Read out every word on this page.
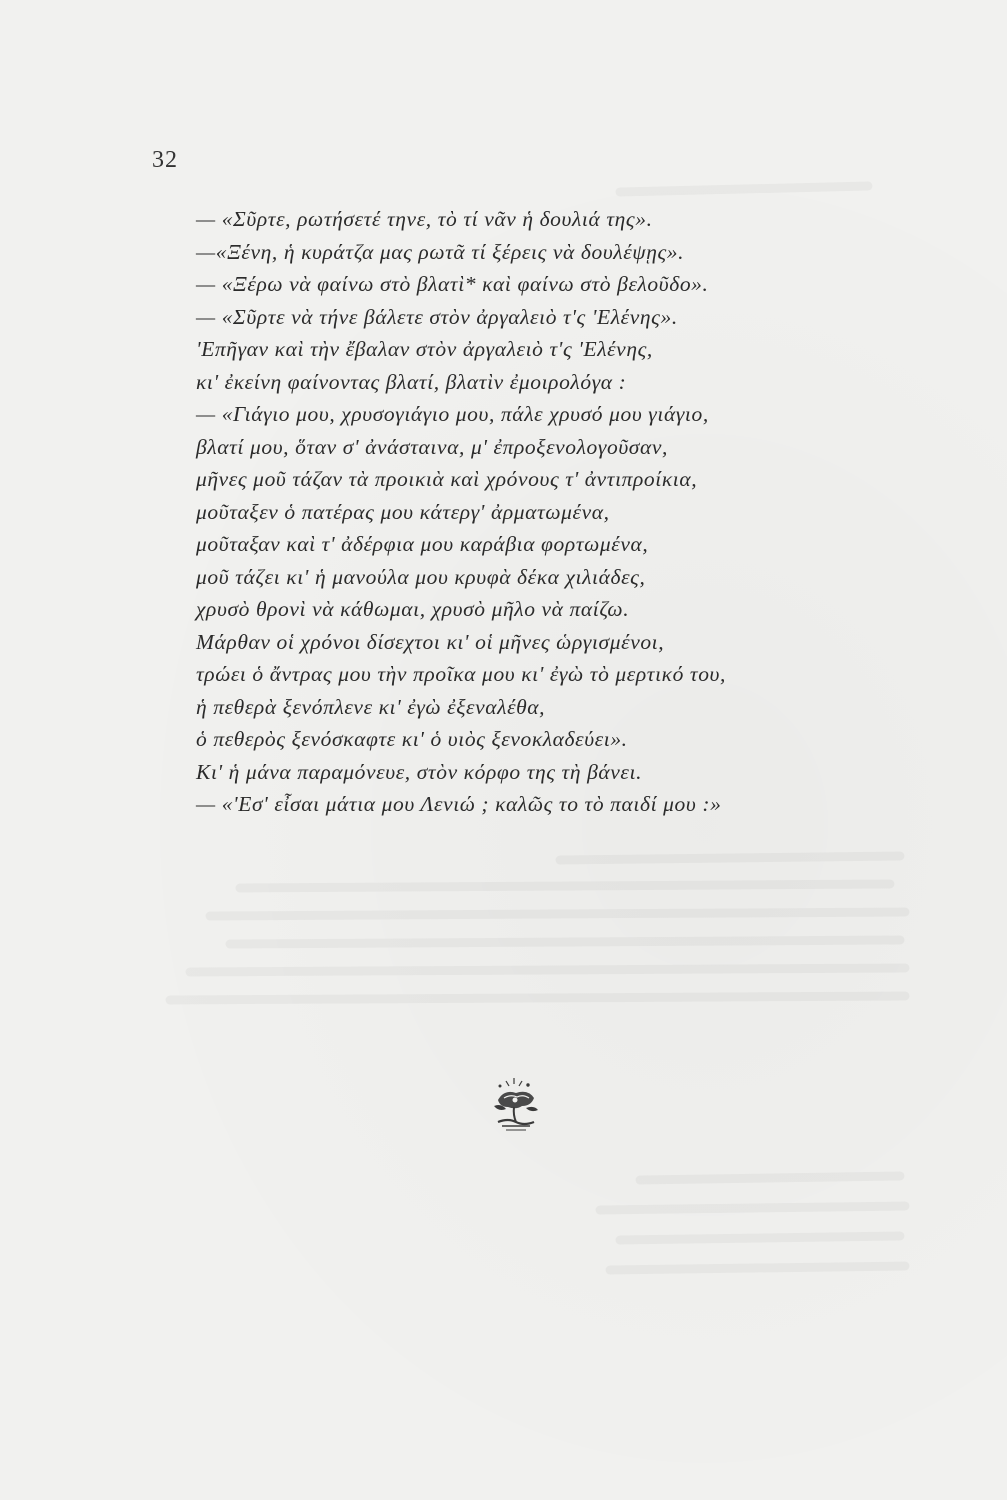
32
— «Σῦρτε, ρωτήσετέ τηνε, τὸ τί νᾶν ἡ δουλιά της».
—«Ξένη, ἡ κυράτζα μας ρωτᾶ τί ξέρεις νὰ δουλέψῃς».
— «Ξέρω νὰ φαίνω στὸ βλατὶ* καὶ φαίνω στὸ βελοῦδο».
— «Σῦρτε νὰ τήνε βάλετε στὸν ἀργαλειὸ τ'ς 'Ελένης».
'Επῆγαν καὶ τὴν ἔβαλαν στὸν ἀργαλειὸ τ'ς 'Ελένης,
κι' ἐκείνη φαίνοντας βλατί, βλατὶν ἐμοιρολόγα :
— «Γιάγιο μου, χρυσογιάγιο μου, πάλε χρυσό μου γιάγιο,
βλατί μου, ὅταν σ' ἀνάσταινα, μ' ἐπροξενολογοῦσαν,
μῆνες μοῦ τάζαν τὰ προικιὰ καὶ χρόνους τ' ἀντιπροίκια,
μοῦταξεν ὁ πατέρας μου κάτεργ' ἀρματωμένα,
μοῦταξαν καὶ τ' ἀδέρφια μου καράβια φορτωμένα,
μοῦ τάζει κι' ἡ μανούλα μου κρυφὰ δέκα χιλιάδες,
χρυσὸ θρονὶ νὰ κάθωμαι, χρυσὸ μῆλο νὰ παίζω.
Μάρθαν οἱ χρόνοι δίσεχτοι κι' οἱ μῆνες ὡργισμένοι,
τρώει ὁ ἄντρας μου τὴν προῖκα μου κι' ἐγὼ τὸ μερτικό του,
ἡ πεθερὰ ξενόπλενε κι' ἐγὼ ἐξεναλέθα,
ὁ πεθερὸς ξενόσκαφτε κι' ὁ υιὸς ξενοκλαδεύει».
Κι' ἡ μάνα παραμόνευε, στὸν κόρφο της τὴ βάνει.
— «'Εσ' εἶσαι μάτια μου Λενιώ ; καλῶς το τὸ παιδί μου :»
